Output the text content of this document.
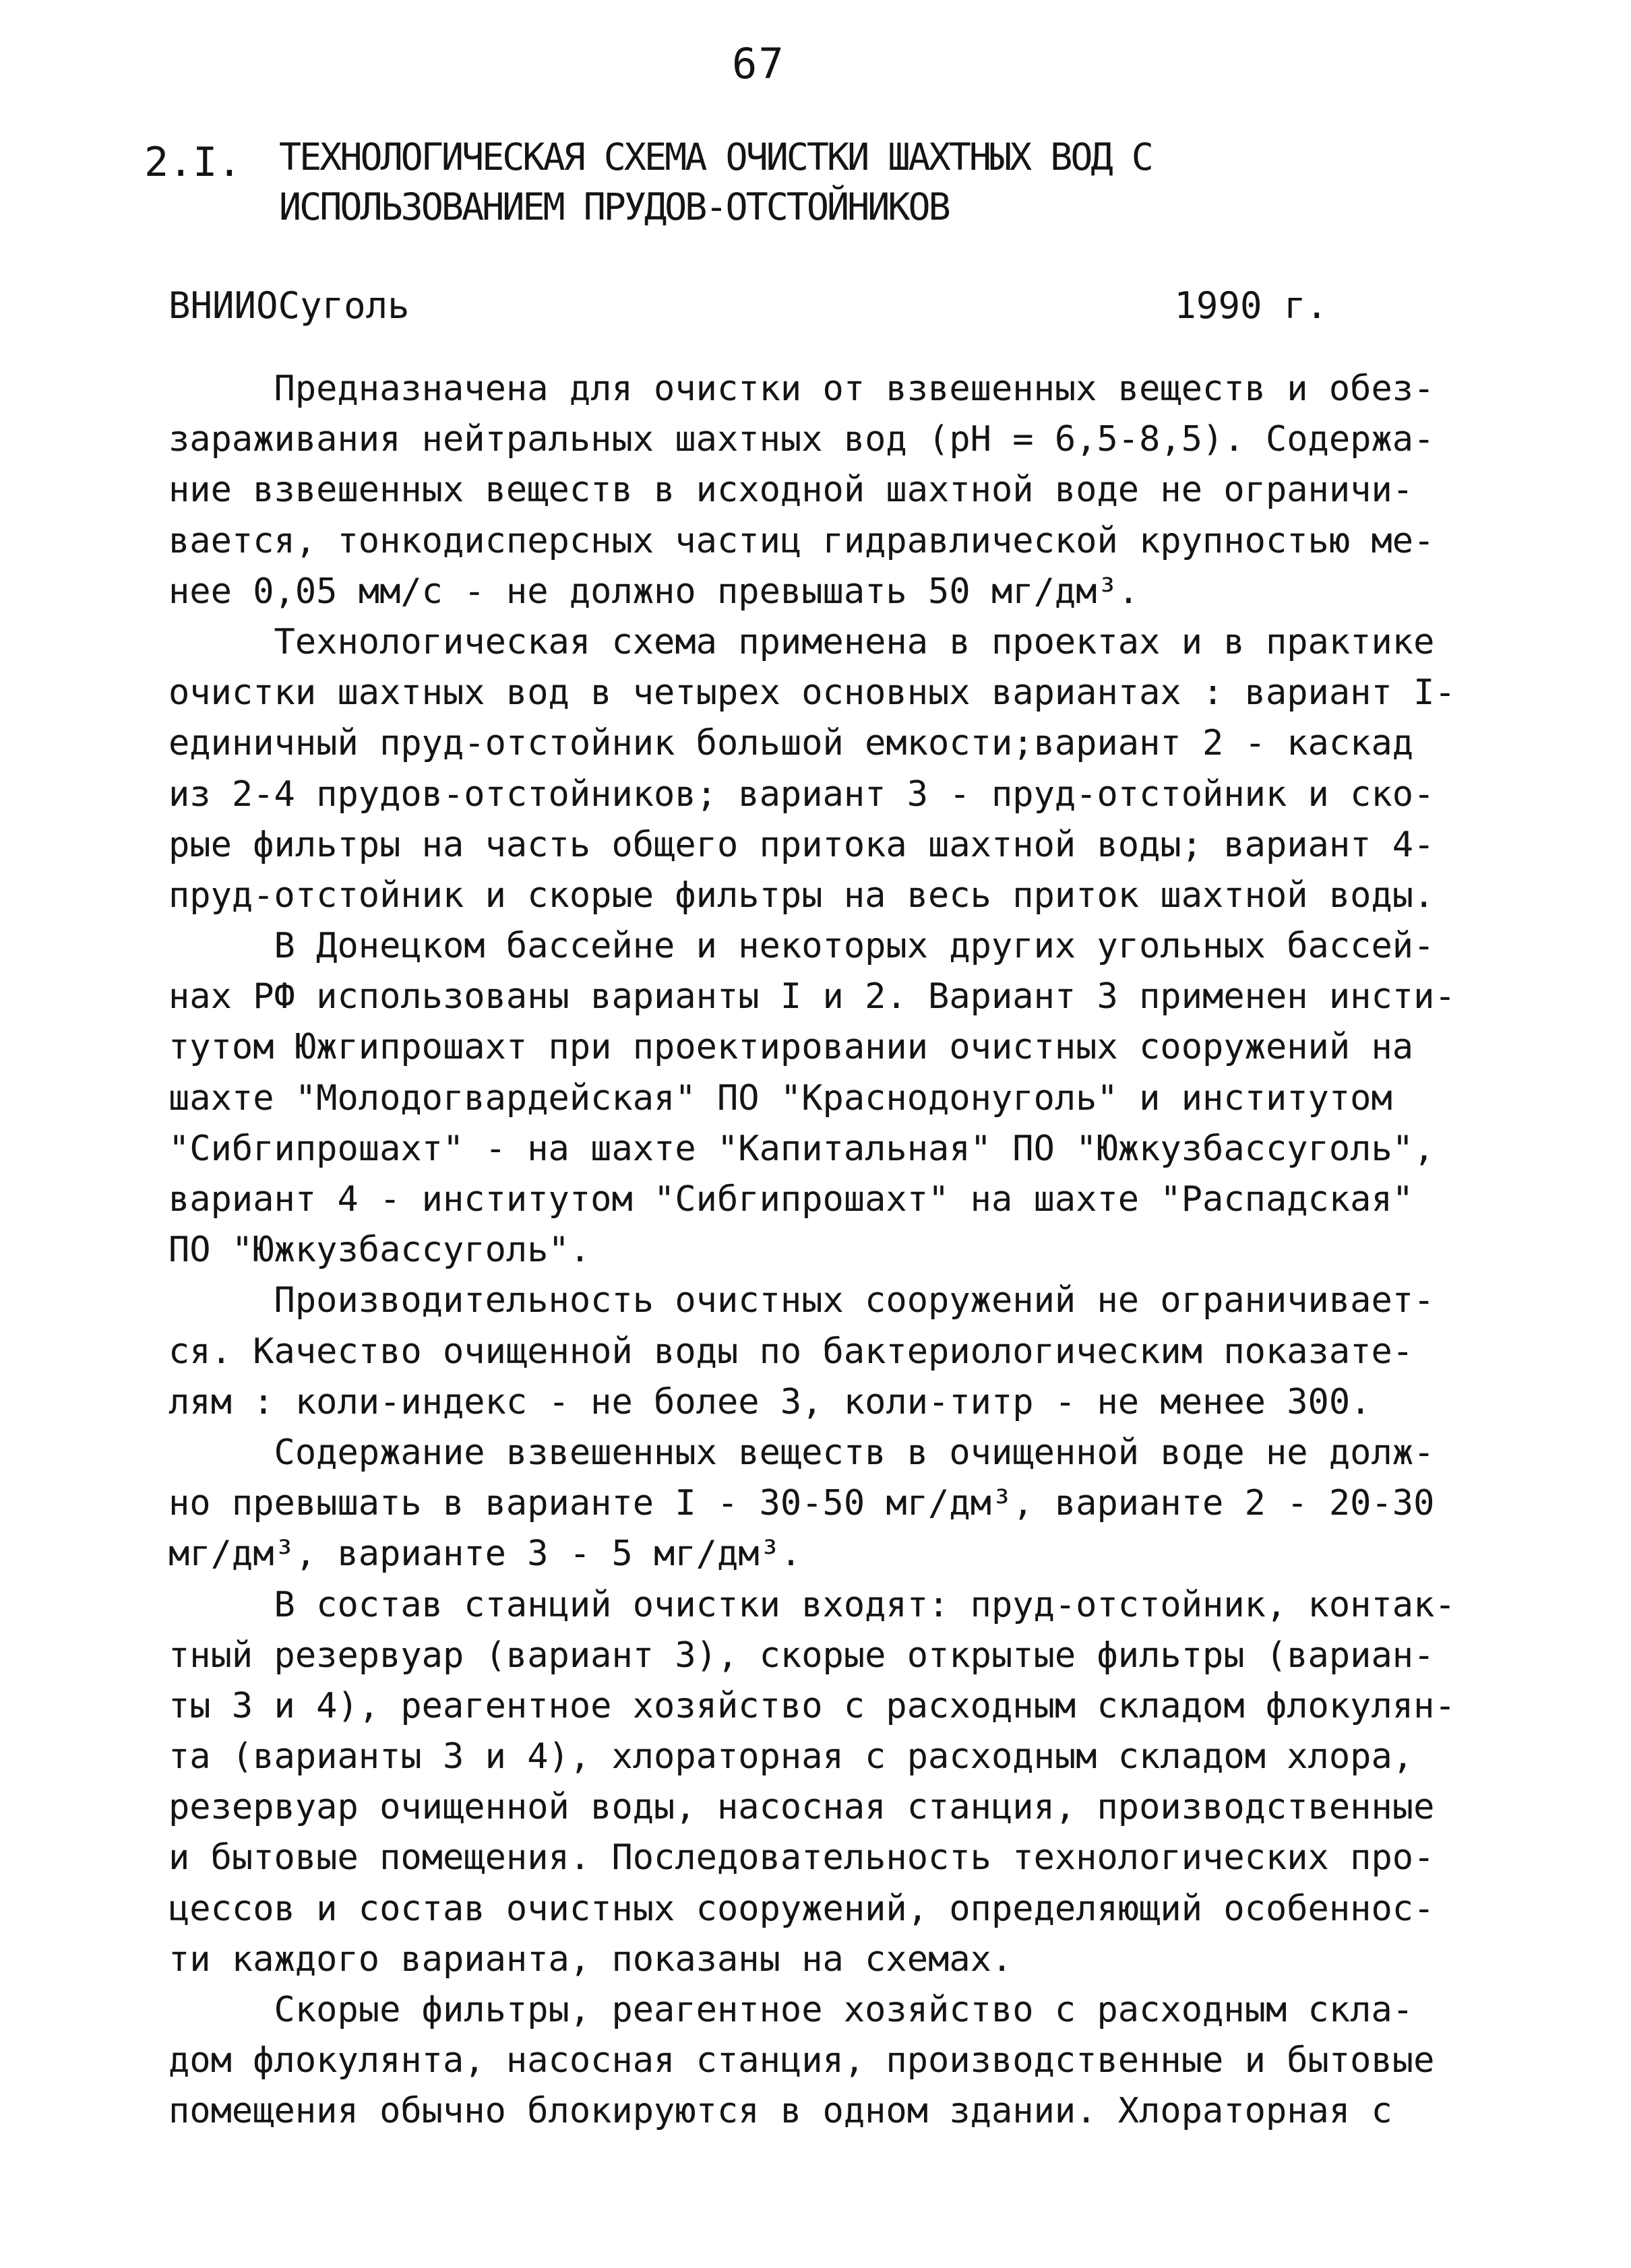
67
2.I. ТЕХНОЛОГИЧЕСКАЯ СХЕМА ОЧИСТКИ ШАХТНЫХ ВОД С
ИСПОЛЬЗОВАНИЕМ ПРУДОВ-ОТСТОЙНИКОВ
ВНИИОСуголь	1990 г.
Предназначена для очистки от взвешенных веществ и обез-
зараживания нейтральных шахтных вод (pH = 6,5-8,5). Содержа-
ние взвешенных веществ в исходной шахтной воде не ограничи-
вается, тонкодисперсных частиц гидравлической крупностью ме-
нее 0,05 мм/с - не должно превышать 50 мг/дм³.
Технологическая схема применена в проектах и в практике
очистки шахтных вод в четырех основных вариантах : вариант I-
единичный пруд-отстойник большой емкости;вариант 2 - каскад
из 2-4 прудов-отстойников; вариант 3 - пруд-отстойник и ско-
рые фильтры на часть общего притока шахтной воды; вариант 4-
пруд-отстойник и скорые фильтры на весь приток шахтной воды.
В Донецком бассейне и некоторых других угольных бассей-
нах РФ использованы варианты I и 2. Вариант 3 применен инсти-
тутом Южгипрошахт при проектировании очистных сооружений на
шахте "Молодогвардейская" ПО "Краснодонуголь" и институтом
"Сибгипрошахт" - на шахте "Капитальная" ПО "Южкузбассуголь",
вариант 4 - институтом "Сибгипрошахт" на шахте "Распадская"
ПО "Южкузбассуголь".
Производительность очистных сооружений не ограничивает-
ся. Качество очищенной воды по бактериологическим показате-
лям : коли-индекс - не более 3, коли-титр - не менее 300.
Содержание взвешенных веществ в очищенной воде не долж-
но превышать в варианте I - 30-50 мг/дм³, варианте 2 - 20-30
мг/дм³, варианте 3 - 5 мг/дм³.
В состав станций очистки входят: пруд-отстойник, контак-
тный резервуар (вариант 3), скорые открытые фильтры (вариан-
ты 3 и 4), реагентное хозяйство с расходным складом флокулян-
та (варианты 3 и 4), хлораторная с расходным складом хлора,
резервуар очищенной воды, насосная станция, производственные
и бытовые помещения. Последовательность технологических про-
цессов и состав очистных сооружений, определяющий особеннос-
ти каждого варианта, показаны на схемах.
Скорые фильтры, реагентное хозяйство с расходным скла-
дом флокулянта, насосная станция, производственные и бытовые
помещения обычно блокируются в одном здании. Хлораторная с
